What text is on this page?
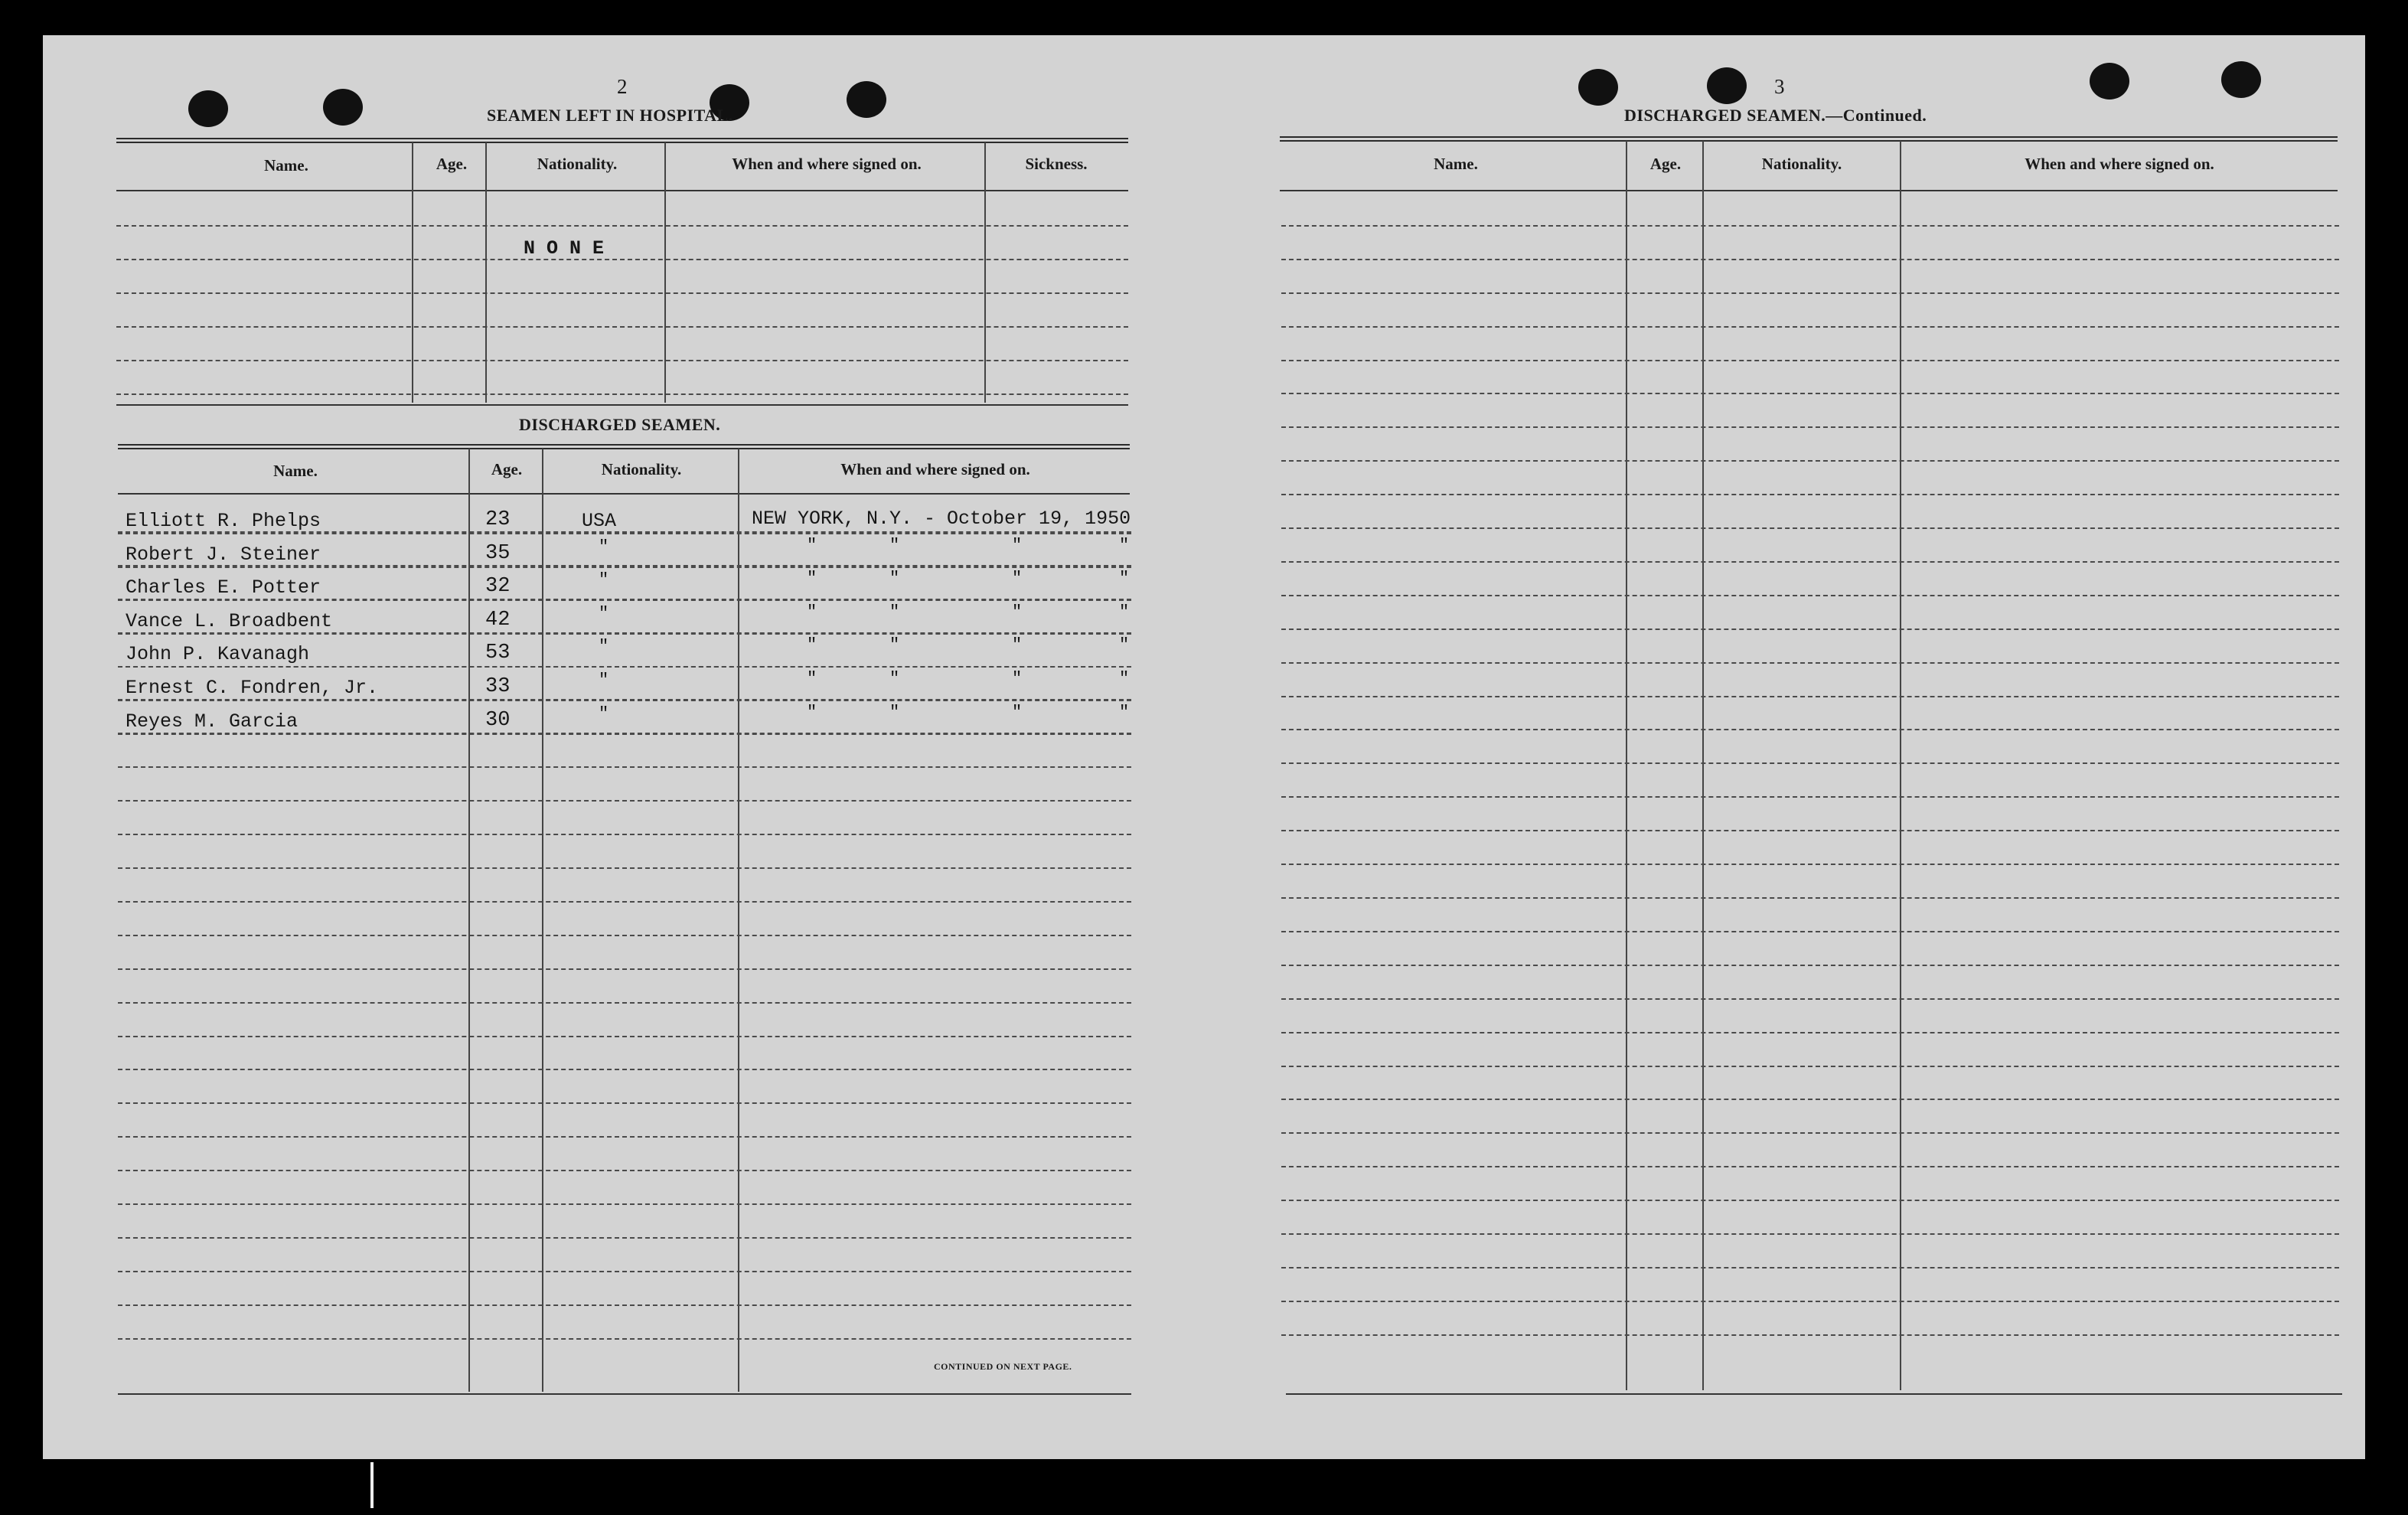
2
SEAMEN LEFT IN HOSPITAL.
Name.	Age.	Nationality.	When and where signed on.	Sickness.
N O N E
DISCHARGED SEAMEN.
Name.	Age.	Nationality.	When and where signed on.
Elliott R. Phelps	23	USA	NEW YORK, N.Y. - October 19, 1950
Robert J. Steiner	35	"	"	"	"	"
Charles E. Potter	32	"	"	"	"	"
Vance L. Broadbent	42	"	"	"	"	"
John P. Kavanagh	53	"	"	"	"	"
Ernest C. Fondren, Jr.	33	"	"	"	"	"
Reyes M. Garcia	30	"	"	"	"	"
CONTINUED ON NEXT PAGE.
3
DISCHARGED SEAMEN.—Continued.
Name.	Age.	Nationality.	When and where signed on.
